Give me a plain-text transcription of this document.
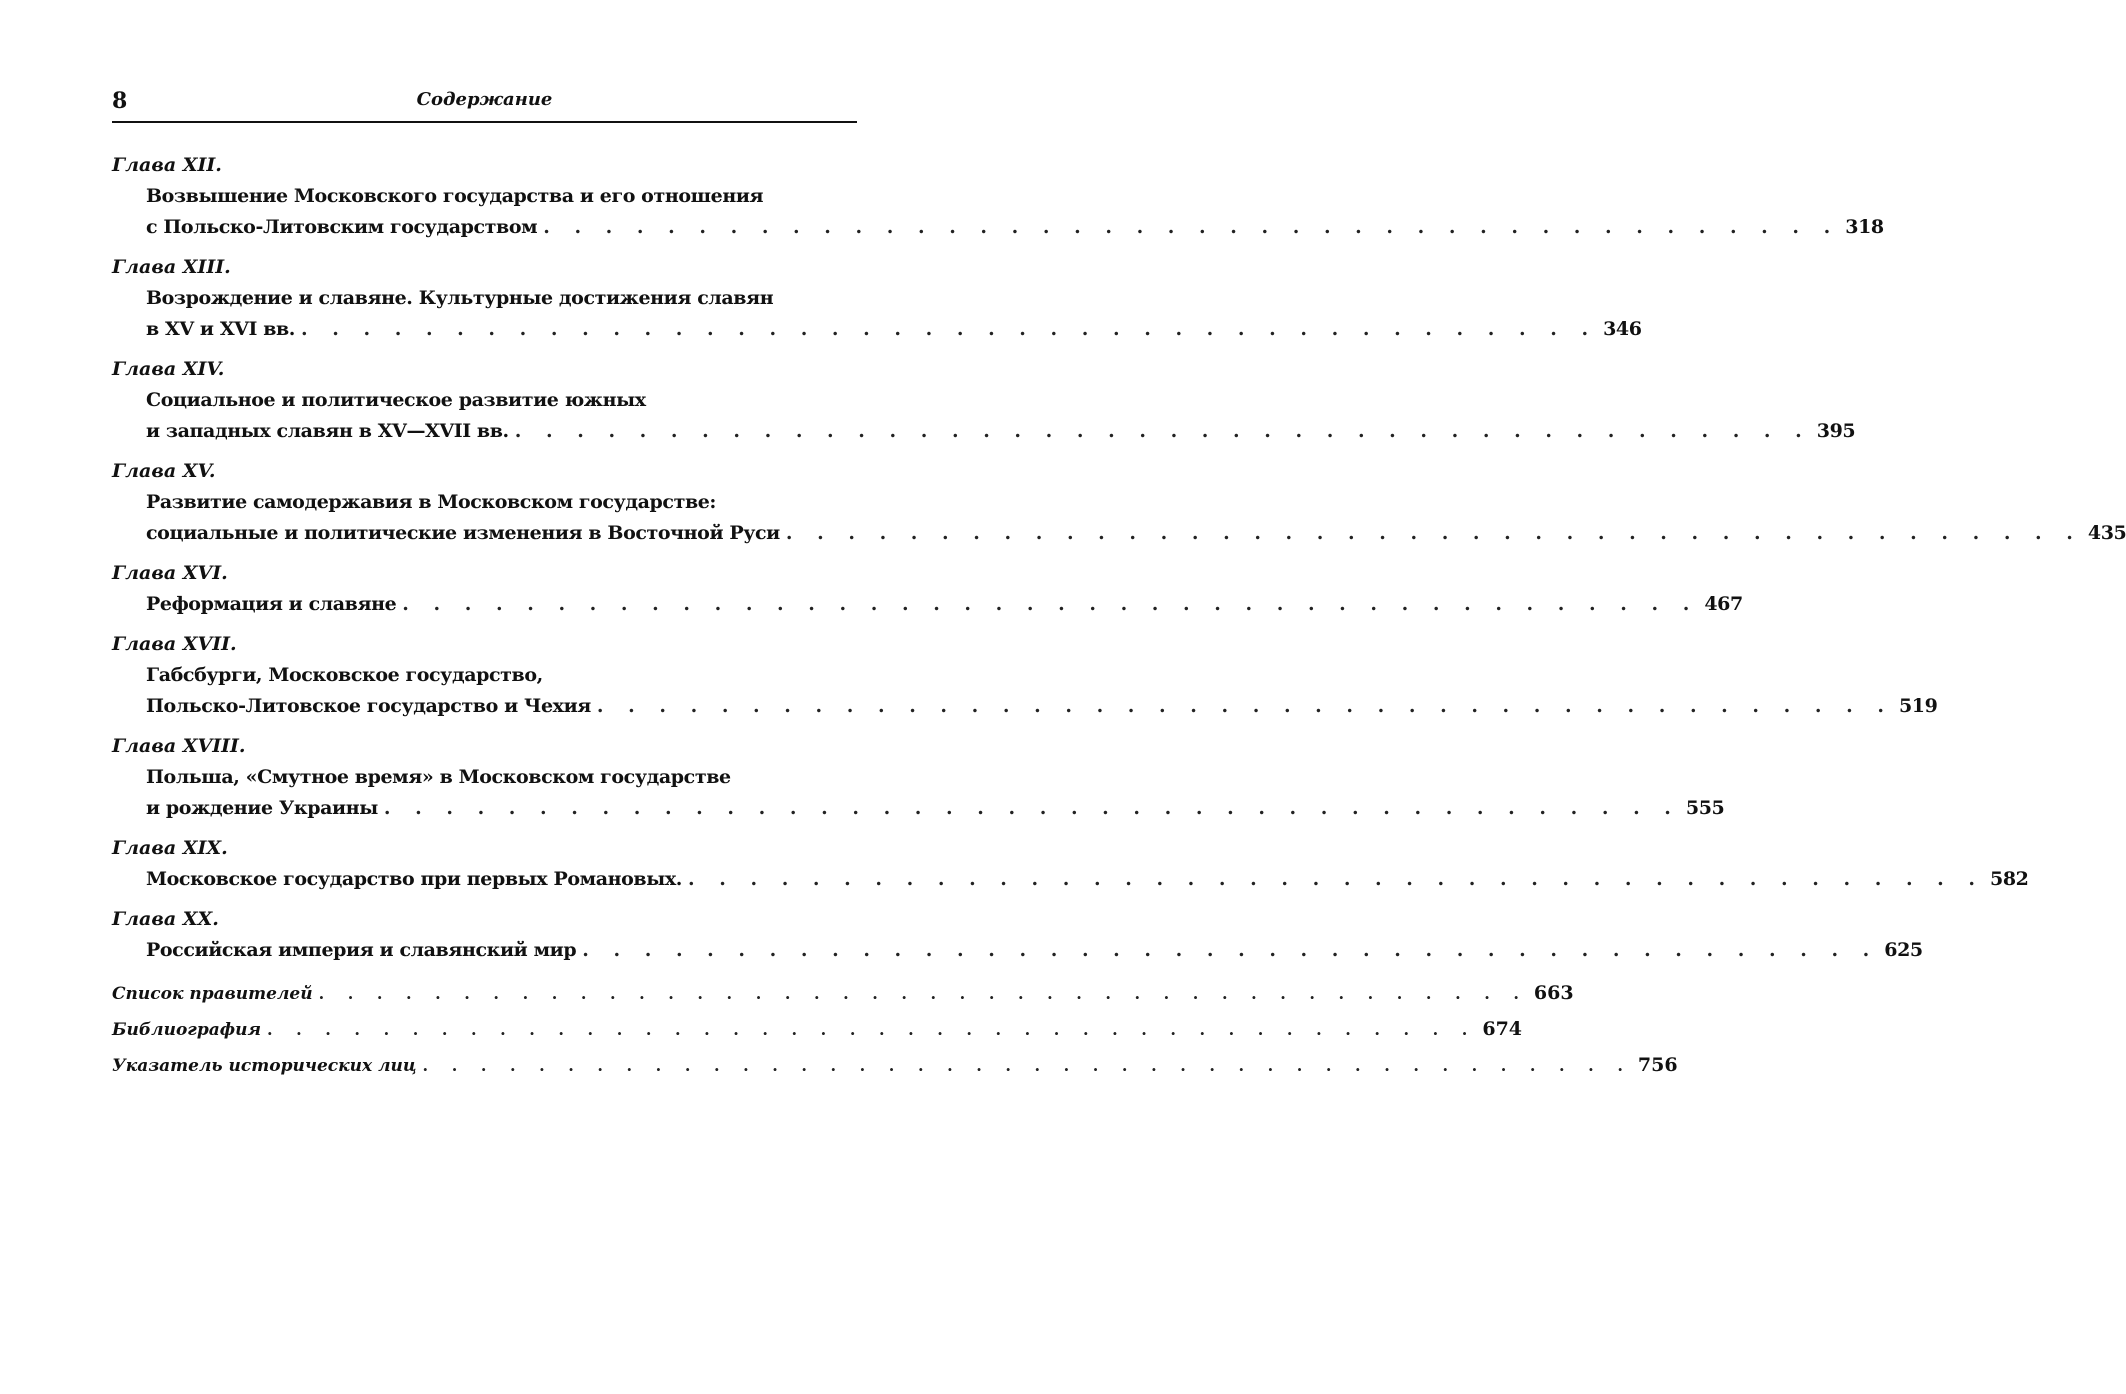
8	Содержание
Глава XII.
Возвышение Московского государства и его отношения
с Польско-Литовским государством . . . . . . . . . . . . . . . . . . . . . . . . . . . . . . . . . . . . . . . . . . 318
Глава XIII.
Возрождение и славяне. Культурные достижения славян
в XV и XVI вв. . . . . . . . . . . . . . . . . . . . . . . . . . . . . . . . . . . . . . . . . . . 346
Глава XIV.
Социальное и политическое развитие южных
и западных славян в XV—XVII вв. . . . . . . . . . . . . . . . . . . . . . . . . . . . . . . . . . . . . . . . . . . 395
Глава XV.
Развитие самодержавия в Московском государстве:
социальные и политические изменения в Восточной Руси . . . . . . . . . . . . . . . . . . . . . . . . . . . . . . . . . . . . . . . . . . 435
Глава XVI.
Реформация и славяне . . . . . . . . . . . . . . . . . . . . . . . . . . . . . . . . . . . . . . . . . . 467
Глава XVII.
Габсбурги, Московское государство,
Польско-Литовское государство и Чехия . . . . . . . . . . . . . . . . . . . . . . . . . . . . . . . . . . . . . . . . . . 519
Глава XVIII.
Польша, «Смутное время» в Московском государстве
и рождение Украины . . . . . . . . . . . . . . . . . . . . . . . . . . . . . . . . . . . . . . . . . . 555
Глава XIX.
Московское государство при первых Романовых. . . . . . . . . . . . . . . . . . . . . . . . . . . . . . . . . . . . . . . . . . . 582
Глава XX.
Российская империя и славянский мир . . . . . . . . . . . . . . . . . . . . . . . . . . . . . . . . . . . . . . . . . . 625
Список правителей . . . . . . . . . . . . . . . . . . . . . . . . . . . . . . . . . . . . . . . . . . 663
Библиография . . . . . . . . . . . . . . . . . . . . . . . . . . . . . . . . . . . . . . . . . . 674
Указатель исторических лиц . . . . . . . . . . . . . . . . . . . . . . . . . . . . . . . . . . . . . . . . . . 756
